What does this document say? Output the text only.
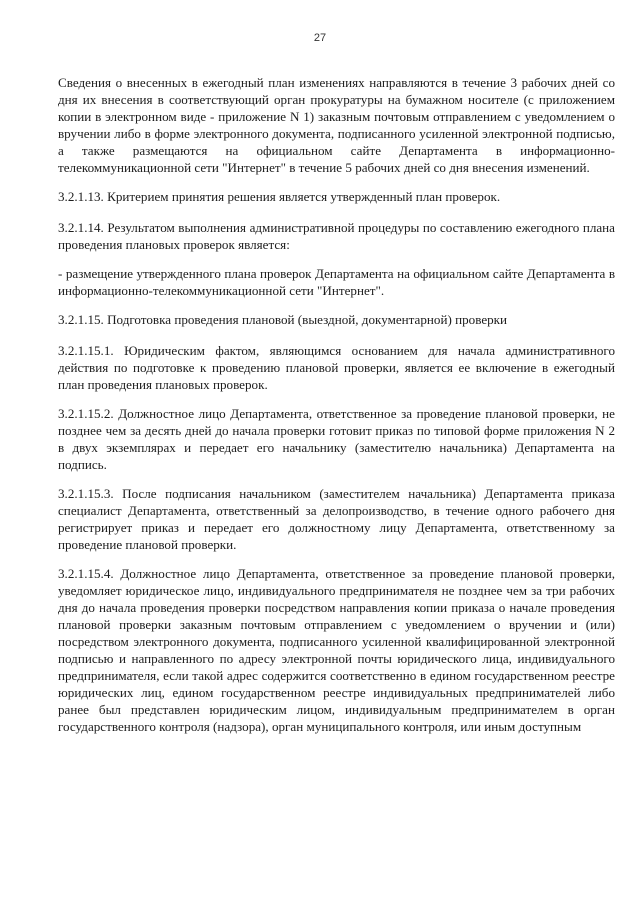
27

Сведения о внесенных в ежегодный план изменениях направляются в течение 3 рабочих дней со дня их внесения в соответствующий орган прокуратуры на бумажном носителе (с приложением копии в электронном виде - приложение N 1) заказным почтовым отправлением с уведомлением о вручении либо в форме электронного документа, подписанного усиленной электронной подписью, а также размещаются на официальном сайте Департамента в информационно-телекоммуникационной сети "Интернет" в течение 5 рабочих дней со дня внесения изменений.

3.2.1.13. Критерием принятия решения является утвержденный план проверок.

3.2.1.14. Результатом выполнения административной процедуры по составлению ежегодного плана проведения плановых проверок является:

- размещение утвержденного плана проверок Департамента на официальном сайте Департамента в информационно-телекоммуникационной сети "Интернет".

3.2.1.15. Подготовка проведения плановой (выездной, документарной) проверки

3.2.1.15.1. Юридическим фактом, являющимся основанием для начала административного действия по подготовке к проведению плановой проверки, является ее включение в ежегодный план проведения плановых проверок.

3.2.1.15.2. Должностное лицо Департамента, ответственное за проведение плановой проверки, не позднее чем за десять дней до начала проверки готовит приказ по типовой форме приложения N 2 в двух экземплярах и передает его начальнику (заместителю начальника) Департамента на подпись.

3.2.1.15.3. После подписания начальником (заместителем начальника) Департамента приказа специалист Департамента, ответственный за делопроизводство, в течение одного рабочего дня регистрирует приказ и передает его должностному лицу Департамента, ответственному за проведение плановой проверки.

3.2.1.15.4. Должностное лицо Департамента, ответственное за проведение плановой проверки, уведомляет юридическое лицо, индивидуального предпринимателя не позднее чем за три рабочих дня до начала проведения проверки посредством направления копии приказа о начале проведения плановой проверки заказным почтовым отправлением с уведомлением о вручении и (или) посредством электронного документа, подписанного усиленной квалифицированной электронной подписью и направленного по адресу электронной почты юридического лица, индивидуального предпринимателя, если такой адрес содержится соответственно в едином государственном реестре юридических лиц, едином государственном реестре индивидуальных предпринимателей либо ранее был представлен юридическим лицом, индивидуальным предпринимателем в орган государственного контроля (надзора), орган муниципального контроля, или иным доступным
